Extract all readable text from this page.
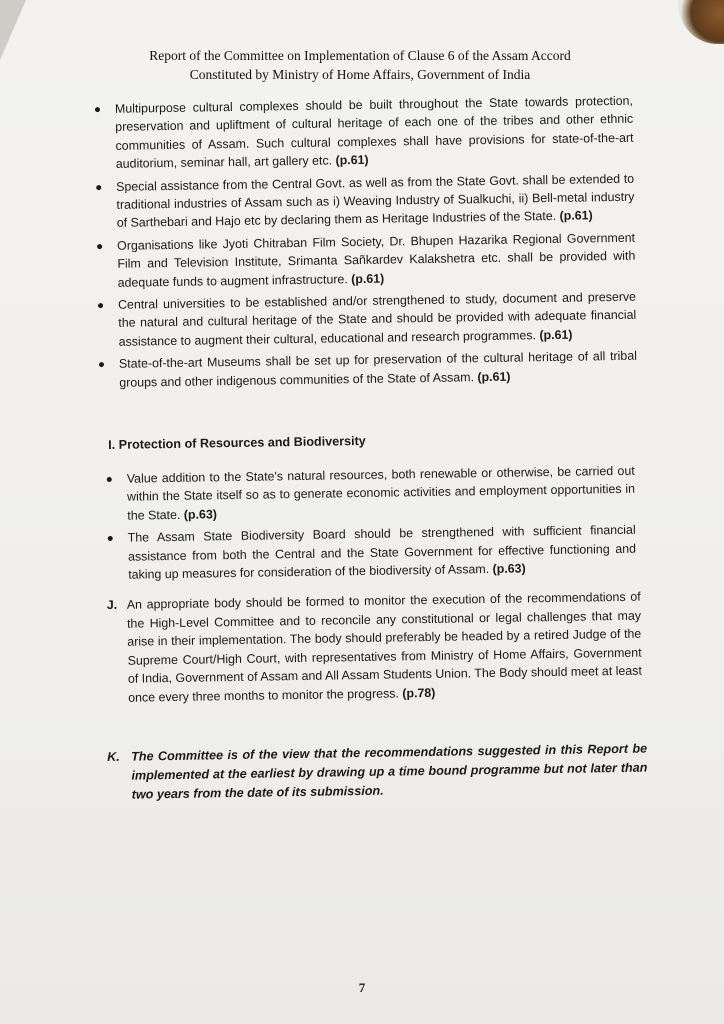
Report of the Committee on Implementation of Clause 6 of the Assam Accord
Constituted by Ministry of Home Affairs, Government of India
Multipurpose cultural complexes should be built throughout the State towards protection, preservation and upliftment of cultural heritage of each one of the tribes and other ethnic communities of Assam. Such cultural complexes shall have provisions for state-of-the-art auditorium, seminar hall, art gallery etc. (p.61)
Special assistance from the Central Govt. as well as from the State Govt. shall be extended to traditional industries of Assam such as i) Weaving Industry of Sualkuchi, ii) Bell-metal industry of Sarthebari and Hajo etc by declaring them as Heritage Industries of the State. (p.61)
Organisations like Jyoti Chitraban Film Society, Dr. Bhupen Hazarika Regional Government Film and Television Institute, Srimanta Sañkardev Kalakshetra etc. shall be provided with adequate funds to augment infrastructure. (p.61)
Central universities to be established and/or strengthened to study, document and preserve the natural and cultural heritage of the State and should be provided with adequate financial assistance to augment their cultural, educational and research programmes. (p.61)
State-of-the-art Museums shall be set up for preservation of the cultural heritage of all tribal groups and other indigenous communities of the State of Assam. (p.61)
I. Protection of Resources and Biodiversity
Value addition to the State's natural resources, both renewable or otherwise, be carried out within the State itself so as to generate economic activities and employment opportunities in the State. (p.63)
The Assam State Biodiversity Board should be strengthened with sufficient financial assistance from both the Central and the State Government for effective functioning and taking up measures for consideration of the biodiversity of Assam. (p.63)
J. An appropriate body should be formed to monitor the execution of the recommendations of the High-Level Committee and to reconcile any constitutional or legal challenges that may arise in their implementation. The body should preferably be headed by a retired Judge of the Supreme Court/High Court, with representatives from Ministry of Home Affairs, Government of India, Government of Assam and All Assam Students Union. The Body should meet at least once every three months to monitor the progress. (p.78)
K. The Committee is of the view that the recommendations suggested in this Report be implemented at the earliest by drawing up a time bound programme but not later than two years from the date of its submission.
7
